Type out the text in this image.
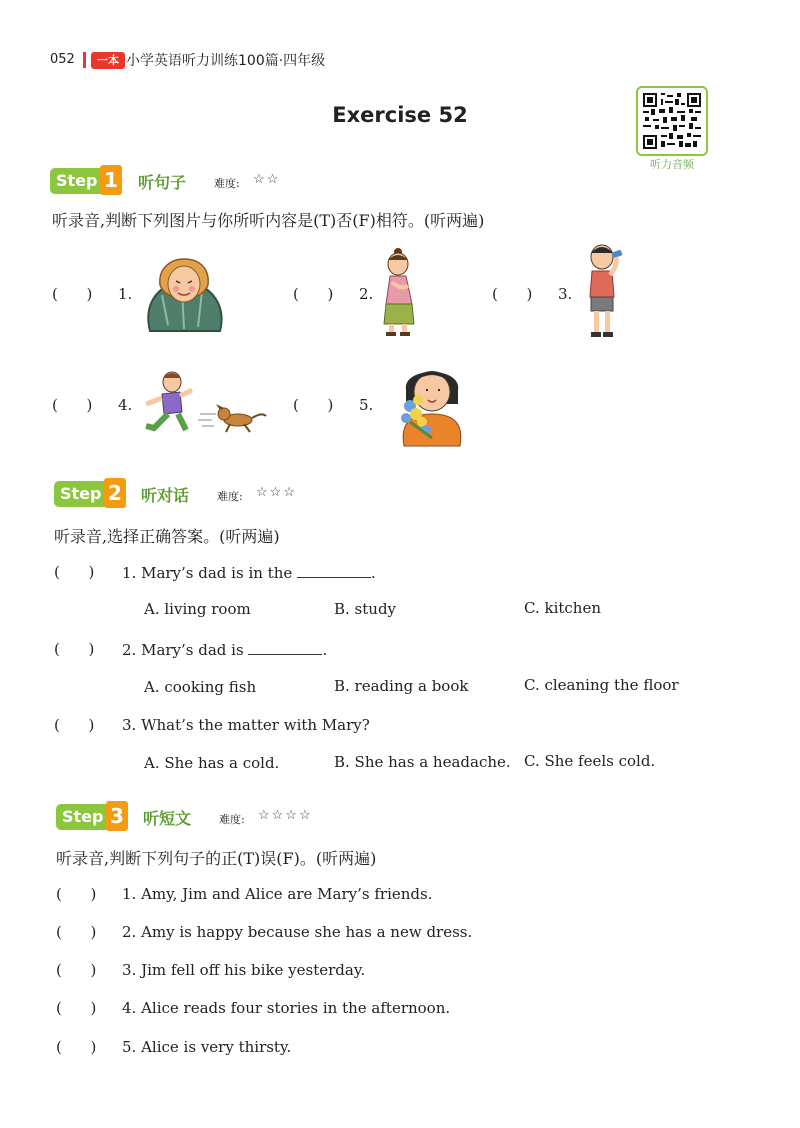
052	一本 小学英语听力训练100篇·四年级
Exercise 52
听力音频
Step 1 听句子	难度: ☆☆
听录音,判断下列图片与你所听内容是(T)否(F)相符。(听两遍)
(      ) 1.	(      ) 2.	(      ) 3.
(      ) 4.	(      ) 5.
Step 2 听对话	难度: ☆☆☆
听录音,选择正确答案。(听两遍)
(      ) 1. Mary’s dad is in the	.
A. living room	B. study	C. kitchen
(      ) 2. Mary’s dad is	.
A. cooking fish	B. reading a book	C. cleaning the floor
(      ) 3. What’s the matter with Mary?
A. She has a cold.	B. She has a headache. C. She feels cold.
Step 3 听短文	难度: ☆☆☆☆
听录音,判断下列句子的正(T)误(F)。(听两遍)
(      ) 1. Amy, Jim and Alice are Mary’s friends.
(      ) 2. Amy is happy because she has a new dress.
(      ) 3. Jim fell off his bike yesterday.
(      ) 4. Alice reads four stories in the afternoon.
(      ) 5. Alice is very thirsty.
